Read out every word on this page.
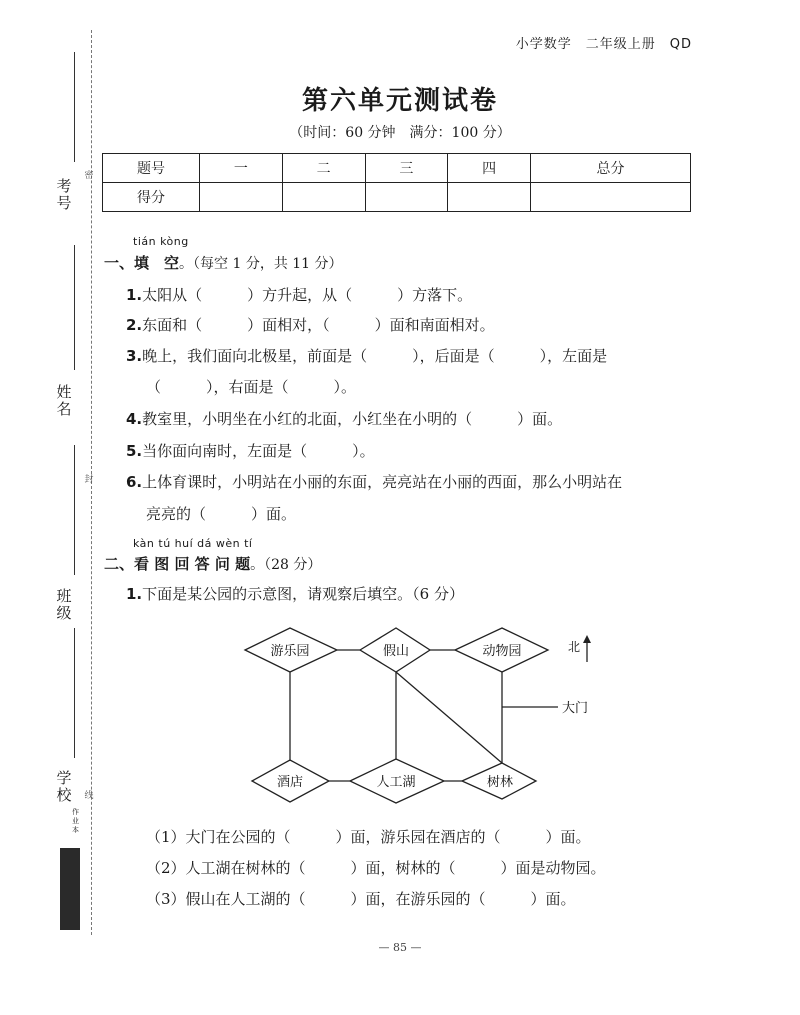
考号
姓名
班级
学校
密
封
线
作业本
小学数学　二年级上册　QD
第六单元测试卷
（时间：60 分钟　满分：100 分）
题号	一	二	三	四	总分
得分					
tián kòng
一、填　空。（每空 1 分，共 11 分）
1.太阳从（　　　）方升起，从（　　　）方落下。
2.东面和（　　　）面相对，（　　　）面和南面相对。
3.晚上，我们面向北极星，前面是（　　　），后面是（　　　），左面是
（　　　），右面是（　　　）。
4.教室里，小明坐在小红的北面，小红坐在小明的（　　　）面。
5.当你面向南时，左面是（　　　）。
6.上体育课时，小明站在小丽的东面，亮亮站在小丽的西面，那么小明站在
亮亮的（　　　）面。
kàn tú huí dá wèn tí
二、看 图 回 答 问 题。（28 分）
1.下面是某公园的示意图，请观察后填空。（6 分）
游乐园	假山	动物园
酒店	人工湖	树林
北
大门
（1）大门在公园的（　　　）面，游乐园在酒店的（　　　）面。
（2）人工湖在树林的（　　　）面，树林的（　　　）面是动物园。
（3）假山在人工湖的（　　　）面，在游乐园的（　　　）面。
— 85 —
